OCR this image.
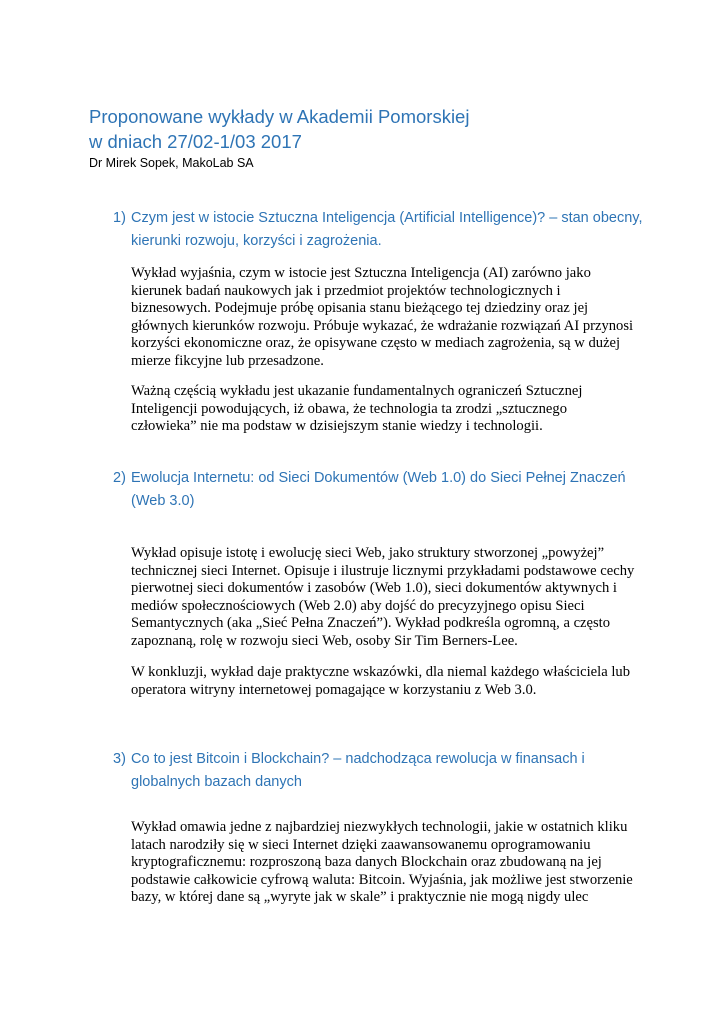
Proponowane wykłady w Akademii Pomorskiej
w dniach 27/02-1/03 2017
Dr Mirek Sopek, MakoLab SA
1) Czym jest w istocie Sztuczna Inteligencja (Artificial Intelligence)? – stan obecny,
kierunki rozwoju, korzyści i zagrożenia.
Wykład wyjaśnia, czym w istocie jest Sztuczna Inteligencja (AI) zarówno jako
kierunek badań naukowych jak i przedmiot projektów technologicznych i
biznesowych. Podejmuje próbę opisania stanu bieżącego tej dziedziny oraz jej
głównych kierunków rozwoju. Próbuje wykazać, że wdrażanie rozwiązań AI przynosi
korzyści ekonomiczne oraz, że opisywane często w mediach zagrożenia, są w dużej
mierze fikcyjne lub przesadzone.
Ważną częścią wykładu jest ukazanie fundamentalnych ograniczeń Sztucznej
Inteligencji powodujących, iż obawa, że technologia ta zrodzi „sztucznego
człowieka” nie ma podstaw w dzisiejszym stanie wiedzy i technologii.
2) Ewolucja Internetu: od Sieci Dokumentów (Web 1.0) do Sieci Pełnej Znaczeń
(Web 3.0)
Wykład opisuje istotę i ewolucję sieci Web, jako struktury stworzonej „powyżej”
technicznej sieci Internet. Opisuje i ilustruje licznymi przykładami podstawowe cechy
pierwotnej sieci dokumentów i zasobów (Web 1.0), sieci dokumentów aktywnych i
mediów społecznościowych (Web 2.0) aby dojść do precyzyjnego opisu Sieci
Semantycznych (aka „Sieć Pełna Znaczeń”). Wykład podkreśla ogromną, a często
zapoznaną, rolę w rozwoju sieci Web, osoby Sir Tim Berners-Lee.
W konkluzji, wykład daje praktyczne wskazówki, dla niemal każdego właściciela lub
operatora witryny internetowej pomagające w korzystaniu z Web 3.0.
3) Co to jest Bitcoin i Blockchain? – nadchodząca rewolucja w finansach i
globalnych bazach danych
Wykład omawia jedne z najbardziej niezwykłych technologii, jakie w ostatnich kliku
latach narodziły się w sieci Internet dzięki zaawansowanemu oprogramowaniu
kryptograficznemu: rozproszoną baza danych Blockchain oraz zbudowaną na jej
podstawie całkowicie cyfrową waluta: Bitcoin. Wyjaśnia, jak możliwe jest stworzenie
bazy, w której dane są „wyryte jak w skale” i praktycznie nie mogą nigdy ulec
